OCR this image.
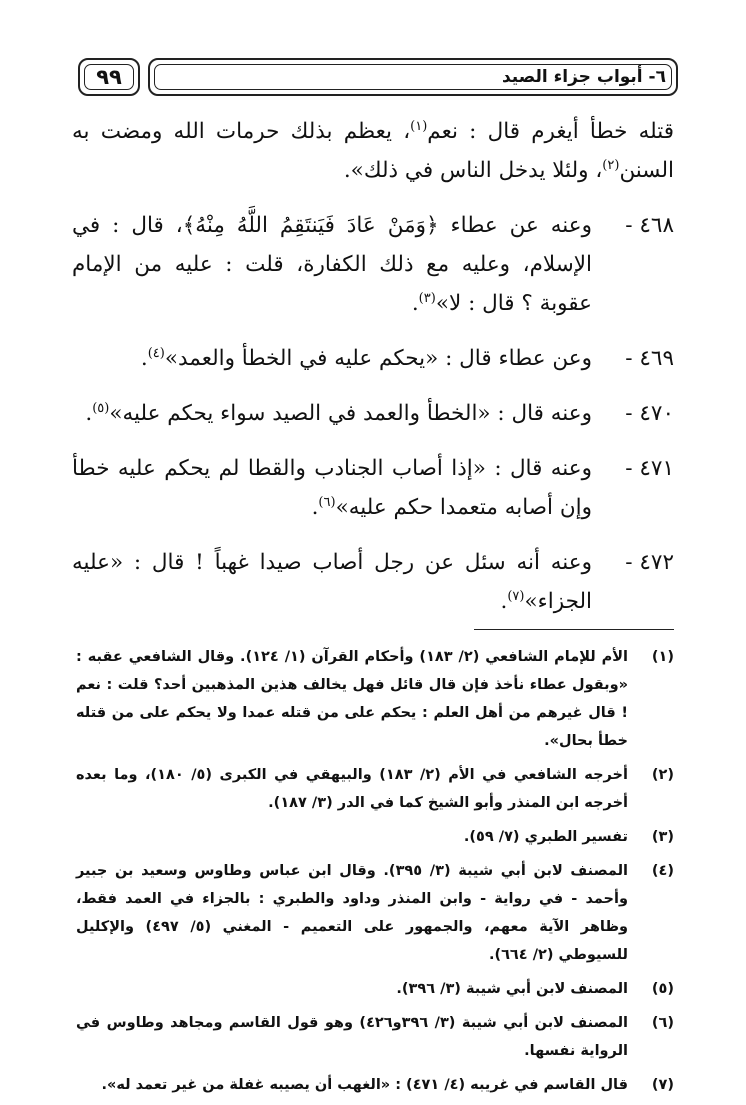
٩٩	٦- أبواب جزاء الصيد
قتله خطأ أيغرم قال : نعم$^{(١)}$، يعظم بذلك حرمات الله ومضت به السنن$^{(٢)}$، ولئلا يدخل الناس في ذلك».
٤٦٨ -
وعنه عن عطاء ﴿وَمَنْ عَادَ فَيَنتَقِمُ اللَّهُ مِنْهُ﴾، قال : في الإسلام، وعليه مع ذلك الكفارة، قلت : عليه من الإمام عقوبة ؟ قال : لا»$^{(٣)}$.
٤٦٩ -
وعن عطاء قال : «يحكم عليه في الخطأ والعمد»$^{(٤)}$.
٤٧٠ -
وعنه قال : «الخطأ والعمد في الصيد سواء يحكم عليه»$^{(٥)}$.
٤٧١ -
وعنه قال : «إذا أصاب الجنادب والقطا لم يحكم عليه خطأ وإن أصابه متعمدا حكم عليه»$^{(٦)}$.
٤٧٢ -
وعنه أنه سئل عن رجل أصاب صيدا غهباً ! قال : «عليه الجزاء»$^{(٧)}$.
(١)
الأم للإمام الشافعي (٢/ ١٨٣) وأحكام القرآن (١/ ١٢٤). وقال الشافعي عقبه : «وبقول عطاء نأخذ فإن قال قائل فهل يخالف هذين المذهبين أحد؟ قلت : نعم ! قال غيرهم من أهل العلم : يحكم على من قتله عمدا ولا يحكم على من قتله خطأ بحال».
(٢)
أخرجه الشافعي في الأم (٢/ ١٨٣) والبيهقي في الكبرى (٥/ ١٨٠)، وما بعده أخرجه ابن المنذر وأبو الشيخ كما في الدر (٣/ ١٨٧).
(٣)
تفسير الطبري (٧/ ٥٩).
(٤)
المصنف لابن أبي شيبة (٣/ ٣٩٥). وقال ابن عباس وطاوس وسعيد بن جبير وأحمد - في رواية - وابن المنذر وداود والطبري : بالجزاء في العمد فقط، وظاهر الآية معهم، والجمهور على التعميم - المغني (٥/ ٤٩٧) والإكليل للسيوطي (٢/ ٦٦٤).
(٥)
المصنف لابن أبي شيبة (٣/ ٣٩٦).
(٦)
المصنف لابن أبي شيبة (٣/ ٣٩٦و٤٢٦) وهو قول القاسم ومجاهد وطاوس في الرواية نفسها.
(٧)
قال القاسم في غريبه (٤/ ٤٧١) : «الغهب أن يصيبه غفلة من غير تعمد له».
